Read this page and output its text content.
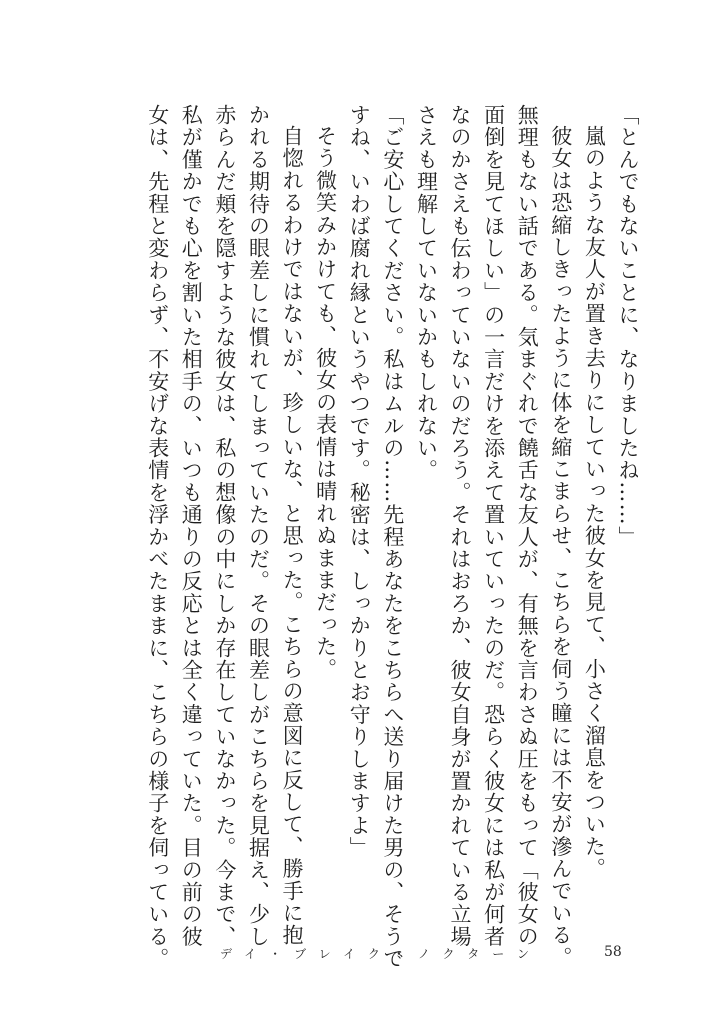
「とんでもないことに、なりましたね……」
嵐のような友人が置き去りにしていった彼女を見て、小さく溜息をついた。
彼女は恐縮しきったように体を縮こまらせ、こちらを伺う瞳には不安が滲んでいる。
無理もない話である。気まぐれで饒舌な友人が、有無を言わさぬ圧をもって「彼女の
面倒を見てほしい」の一言だけを添えて置いていったのだ。恐らく彼女には私が何者
なのかさえも伝わっていないのだろう。それはおろか、彼女自身が置かれている立場
さえも理解していないかもしれない。
「ご安心してください。私はムルの……先程あなたをこちらへ送り届けた男の、そうで
すね、いわば腐れ縁というやつです。秘密は、しっかりとお守りしますよ」
そう微笑みかけても、彼女の表情は晴れぬままだった。
自惚れるわけではないが、珍しいな、と思った。こちらの意図に反して、勝手に抱
かれる期待の眼差しに慣れてしまっていたのだ。その眼差しがこちらを見据え、少し
赤らんだ頬を隠すような彼女は、私の想像の中にしか存在していなかった。今まで、
私が僅かでも心を割いた相手の、いつも通りの反応とは全く違っていた。目の前の彼
女は、先程と変わらず、不安げな表情を浮かべたままに、こちらの様子を伺っている。	デイ・ブレイク・ノクターン	58
